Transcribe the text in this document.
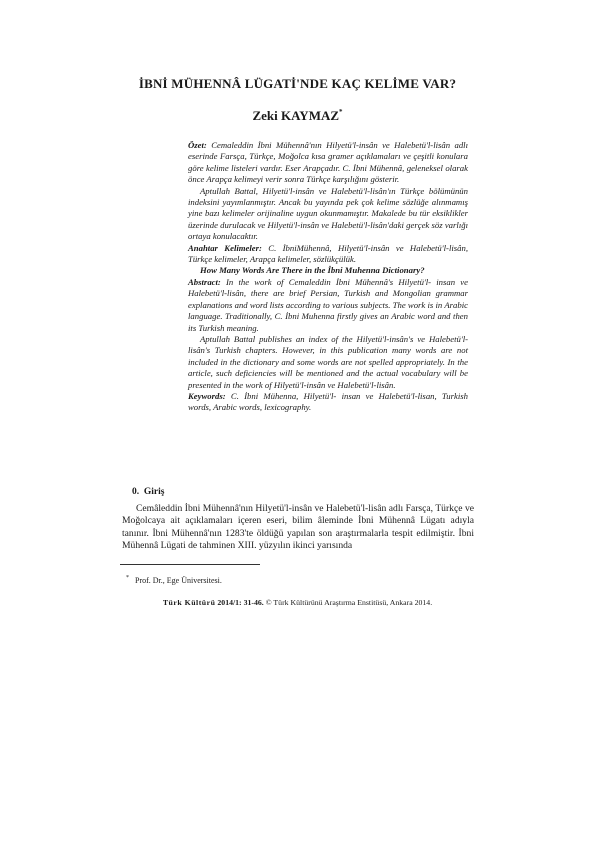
İBNİ MÜHENNÂ LÜGATİ'NDE KAÇ KELİME VAR?
Zeki KAYMAZ*

Özet: Cemaleddin İbni Mühennâ'nın Hilyetü'l-insân ve Halebetü'l-lisân adlı eserinde Farsça, Türkçe, Moğolca kısa gramer açıklamaları ve çeşitli konulara göre kelime listeleri vardır. Eser Arapçadır. C. İbni Mühennâ, geleneksel olarak önce Arapça kelimeyi verir sonra Türkçe karşılığını gösterir.

Aptullah Battal, Hilyetü'l-insân ve Halebetü'l-lisân'ın Türkçe bölümünün indeksini yayımlanmıştır. Ancak bu yayında pek çok kelime sözlüğe alınmamış yine bazı kelimeler orijinaline uygun okunmamıştır. Makalede bu tür eksiklikler üzerinde durulacak ve Hilyetü'l-insân ve Halebetü'l-lisân'daki gerçek söz varlığı ortaya konulacaktır.

Anahtar Kelimeler: C. İbniMühennâ, Hilyetü'l-insân ve Halebetü'l-lisân, Türkçe kelimeler, Arapça kelimeler, sözlükçülük.

How Many Words Are There in the İbni Muhenna Dictionary?

Abstract: In the work of Cemaleddin İbni Mühennâ's Hilyetü'l- insan ve Halebetü'l-lisân, there are brief Persian, Turkish and Mongolian grammar explanations and word lists according to various subjects. The work is in Arabic language. Traditionally, C. İbni Muhenna firstly gives an Arabic word and then its Turkish meaning.

Aptullah Battal publishes an index of the Hilyetü'l-insân's ve Halebetü'l-lisân's Turkish chapters. However, in this publication many words are not included in the dictionary and some words are not spelled appropriately. In the article, such deficiencies will be mentioned and the actual vocabulary will be presented in the work of Hilyetü'l-insân ve Halebetü'l-lisân.

Keywords: C. İbni Mühenna, Hilyetü'l- insan ve Halebetü'l-lisan, Turkish words, Arabic words, lexicography.

0. Giriş

Cemâleddin İbni Mühennâ'nın Hilyetü'l-insân ve Halebetü'l-lisân adlı Farsça, Türkçe ve Moğolcaya ait açıklamaları içeren eseri, bilim âleminde İbni Mühennâ Lügatı adıyla tanınır. İbni Mühennâ'nın 1283'te öldüğü yapılan son araştırmalarla tespit edilmiştir. İbni Mühennâ Lügati de tahminen XIII. yüzyılın ikinci yarısında

* Prof. Dr., Ege Üniversitesi.
Türk Kültürü 2014/1: 31-46. © Türk Kültürünü Araştırma Enstitüsü, Ankara 2014.
